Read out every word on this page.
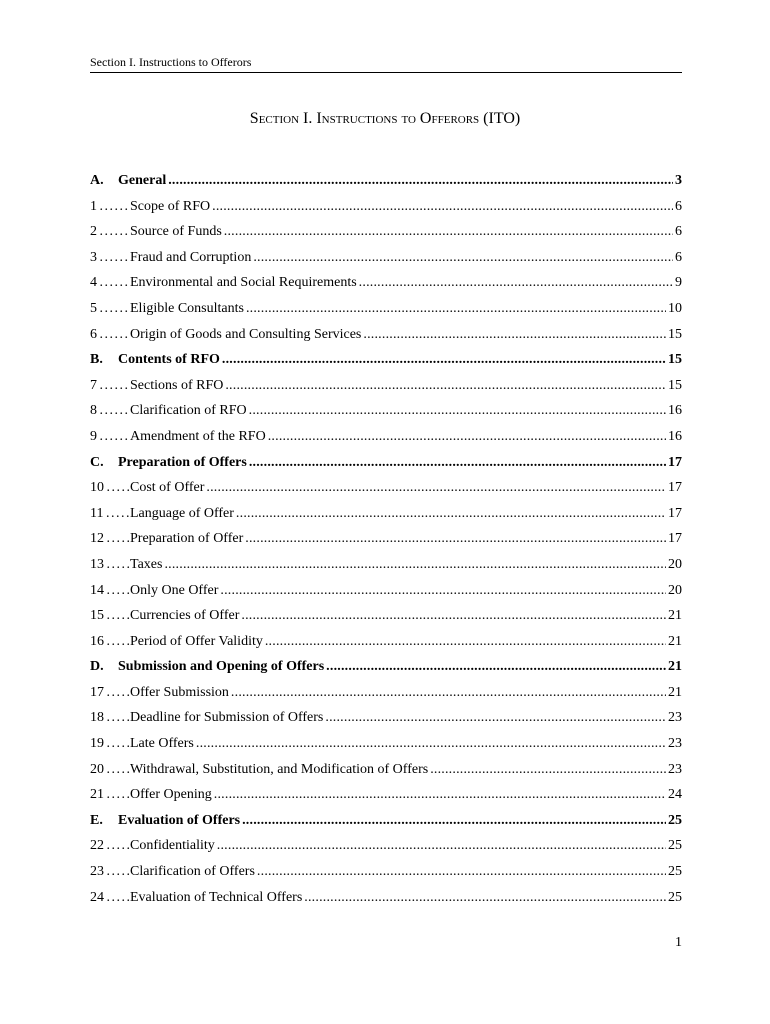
Section I. Instructions to Offerors
Section I. Instructions to Offerors (ITO)
A.	General .....	3
1 . . .	Scope of RFO .....	6
2 . . .	Source of Funds .....	6
3 . . .	Fraud and Corruption .....	6
4 . . .	Environmental and Social Requirements .....	9
5 . . .	Eligible Consultants .....	10
6 . . .	Origin of Goods and Consulting Services .....	15
B.	Contents of RFO .....	15
7 . . .	Sections of RFO .....	15
8 . . .	Clarification of RFO .....	16
9 . . .	Amendment of the RFO .....	16
C.	Preparation of Offers .....	17
10 . . .	Cost of Offer .....	17
11 . . .	Language of Offer .....	17
12 . . .	Preparation of Offer .....	17
13 . . .	Taxes .....	20
14 . . .	Only One Offer .....	20
15 . . .	Currencies of Offer .....	21
16 . . .	Period of Offer Validity .....	21
D.	Submission and Opening of Offers .....	21
17 . . .	Offer Submission .....	21
18 . . .	Deadline for Submission of Offers .....	23
19 . . .	Late Offers .....	23
20 . . .	Withdrawal, Substitution, and Modification of Offers .....	23
21 . . .	Offer Opening .....	24
E.	Evaluation of Offers .....	25
22 . . .	Confidentiality .....	25
23 . . .	Clarification of Offers .....	25
24 . . .	Evaluation of Technical Offers .....	25
1
